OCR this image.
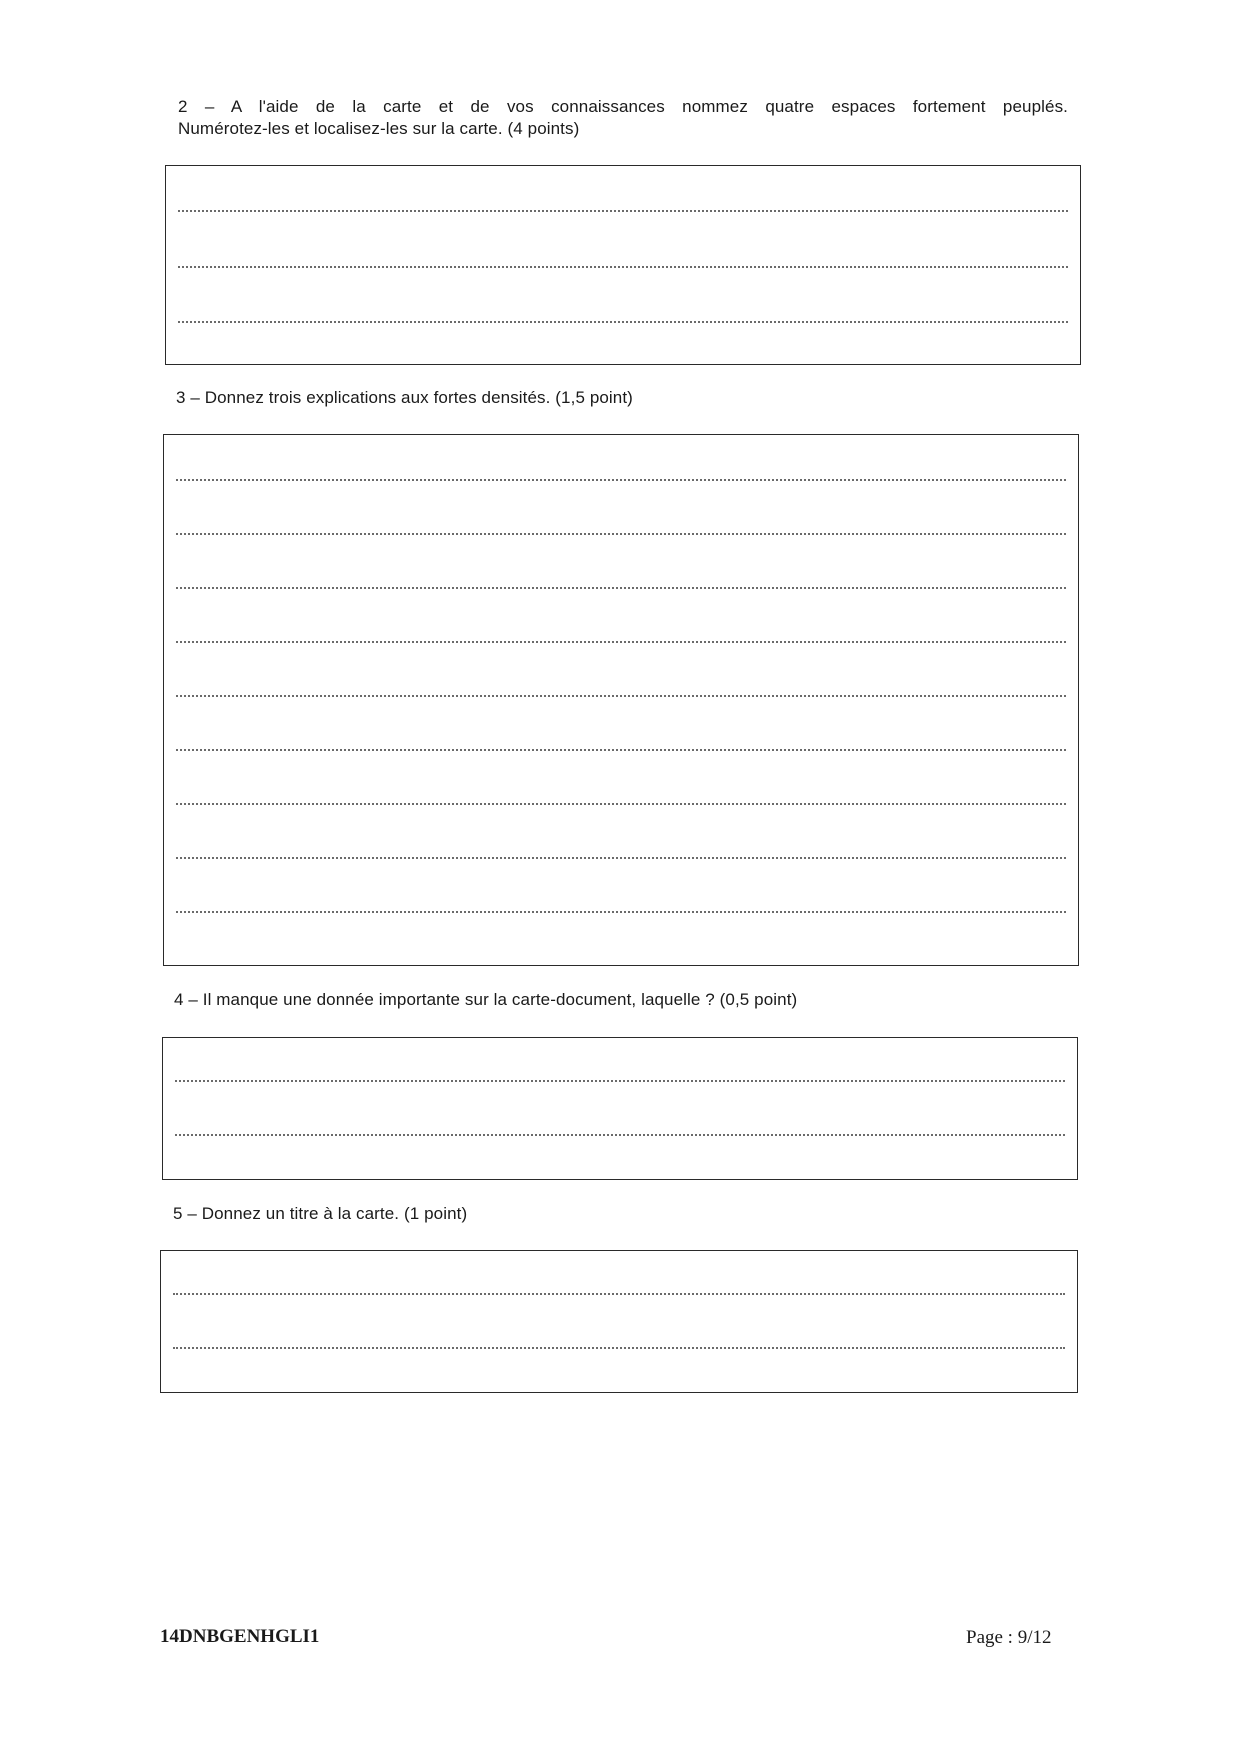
2 – A l'aide de la carte et de vos connaissances nommez quatre espaces fortement peuplés.
Numérotez-les et localisez-les sur la carte. (4 points)
3 – Donnez trois explications aux fortes densités. (1,5 point)
4 – Il manque une donnée importante sur la carte-document, laquelle ? (0,5 point)
5 – Donnez un titre à la carte. (1 point)
14DNBGENHGLI1	Page : 9/12
